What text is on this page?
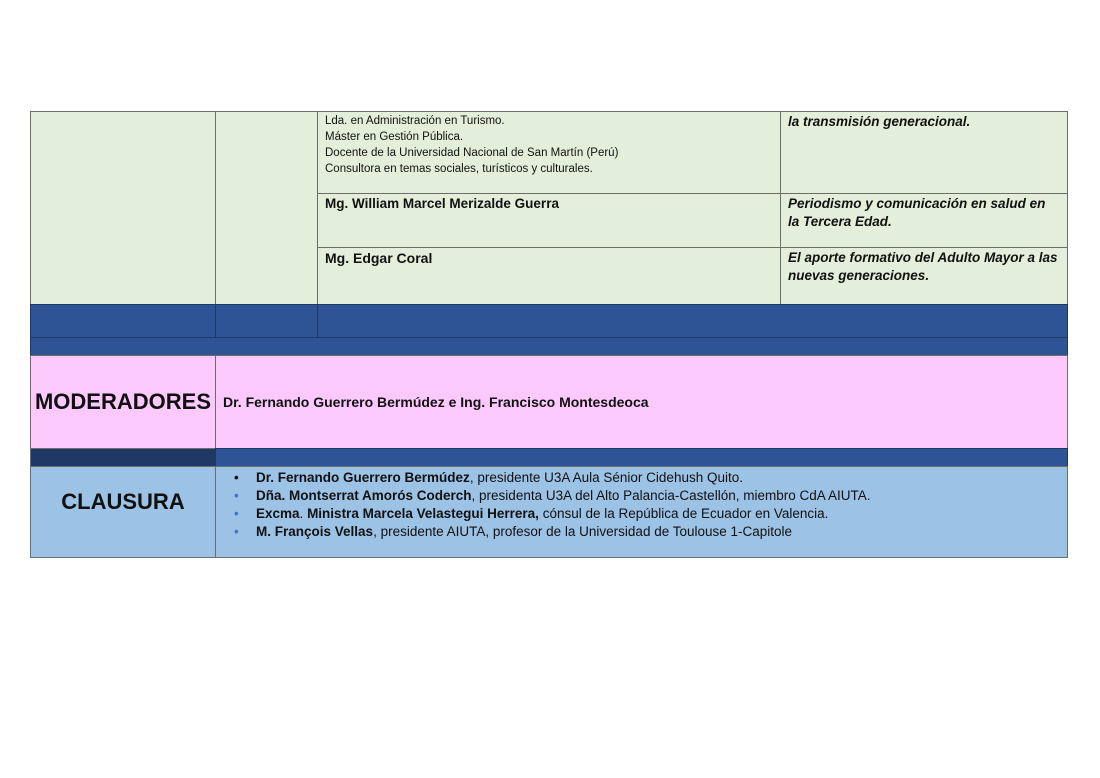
Lda. en Administración en Turismo.
Máster en Gestión Pública.
Docente de la Universidad Nacional de San Martín (Perú)
Consultora en temas sociales, turísticos y culturales.
la transmisión generacional.
Mg. William Marcel Merizalde Guerra	Periodismo y comunicación en salud en la Tercera Edad.
Mg. Edgar Coral	El aporte formativo del Adulto Mayor a las nuevas generaciones.
MODERADORES Dr. Fernando Guerrero Bermúdez e Ing. Francisco Montesdeoca
CLAUSURA
• Dr. Fernando Guerrero Bermúdez, presidente U3A Aula Sénior Cidehush Quito.
• Dña. Montserrat Amorós Coderch, presidenta U3A del Alto Palancia-Castellón, miembro CdA AIUTA.
• Excma. Ministra Marcela Velastegui Herrera, cónsul de la República de Ecuador en Valencia.
• M. François Vellas, presidente AIUTA, profesor de la Universidad de Toulouse 1-Capitole
